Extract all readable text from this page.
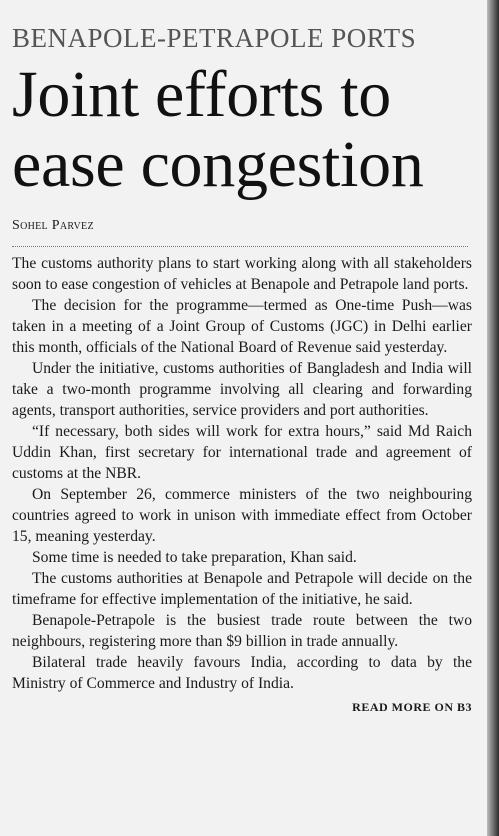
BENAPOLE-PETRAPOLE PORTS
Joint efforts to ease congestion
Sohel Parvez

The customs authority plans to start working along with all stakeholders soon to ease congestion of vehicles at Benapole and Petrapole land ports.

The decision for the programme—termed as One-time Push—was taken in a meeting of a Joint Group of Customs (JGC) in Delhi earlier this month, officials of the National Board of Revenue said yesterday.

Under the initiative, customs authorities of Bangladesh and India will take a two-month programme involving all clearing and forwarding agents, transport authorities, service providers and port authorities.

“If necessary, both sides will work for extra hours,” said Md Raich Uddin Khan, first secretary for international trade and agreement of customs at the NBR.

On September 26, commerce ministers of the two neighbouring countries agreed to work in unison with immediate effect from October 15, meaning yesterday.

Some time is needed to take preparation, Khan said.

The customs authorities at Benapole and Petrapole will decide on the timeframe for effective implementation of the initiative, he said.

Benapole-Petrapole is the busiest trade route between the two neighbours, registering more than $9 billion in trade annually.

Bilateral trade heavily favours India, according to data by the Ministry of Commerce and Industry of India.

READ MORE ON B3
